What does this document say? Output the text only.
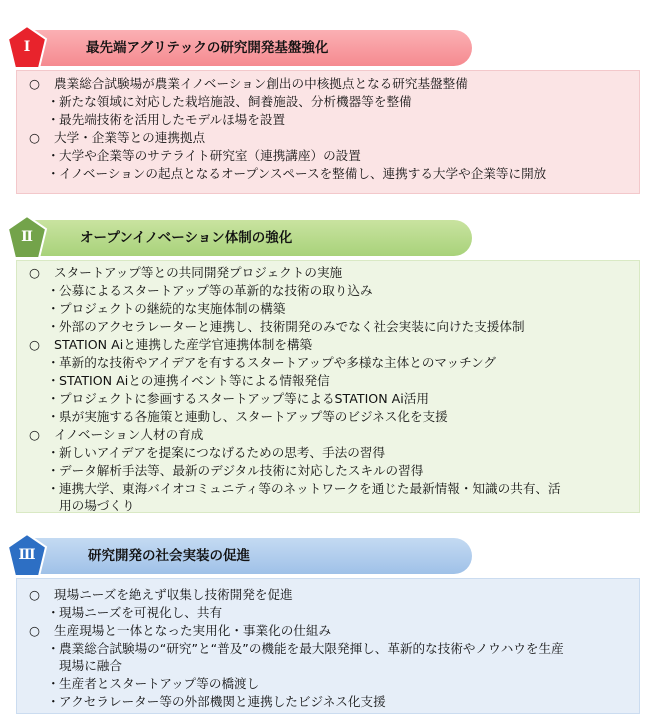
最先端アグリテックの研究開発基盤強化
Ⅰ
○ 農業総合試験場が農業イノベーション創出の中核拠点となる研究基盤整備
・新たな領域に対応した栽培施設、飼養施設、分析機器等を整備
・最先端技術を活用したモデルほ場を設置
○ 大学・企業等との連携拠点
・大学や企業等のサテライト研究室（連携講座）の設置
・イノベーションの起点となるオープンスペースを整備し、連携する大学や企業等に開放
オープンイノベーション体制の強化
Ⅱ
○ スタートアップ等との共同開発プロジェクトの実施
・公募によるスタートアップ等の革新的な技術の取り込み
・プロジェクトの継続的な実施体制の構築
・外部のアクセラレーターと連携し、技術開発のみでなく社会実装に向けた支援体制
○ STATION Aiと連携した産学官連携体制を構築
・革新的な技術やアイデアを有するスタートアップや多様な主体とのマッチング
・STATION Aiとの連携イベント等による情報発信
・プロジェクトに参画するスタートアップ等によるSTATION Ai活用
・県が実施する各施策と連動し、スタートアップ等のビジネス化を支援
○ イノベーション人材の育成
・新しいアイデアを提案につなげるための思考、手法の習得
・データ解析手法等、最新のデジタル技術に対応したスキルの習得
・連携大学、東海バイオコミュニティ等のネットワークを通じた最新情報・知識の共有、活
用の場づくり
研究開発の社会実装の促進
Ⅲ
○ 現場ニーズを絶えず収集し技術開発を促進
・現場ニーズを可視化し、共有
○ 生産現場と一体となった実用化・事業化の仕組み
・農業総合試験場の“研究”と“普及”の機能を最大限発揮し、革新的な技術やノウハウを生産
現場に融合
・生産者とスタートアップ等の橋渡し
・アクセラレーター等の外部機関と連携したビジネス化支援
